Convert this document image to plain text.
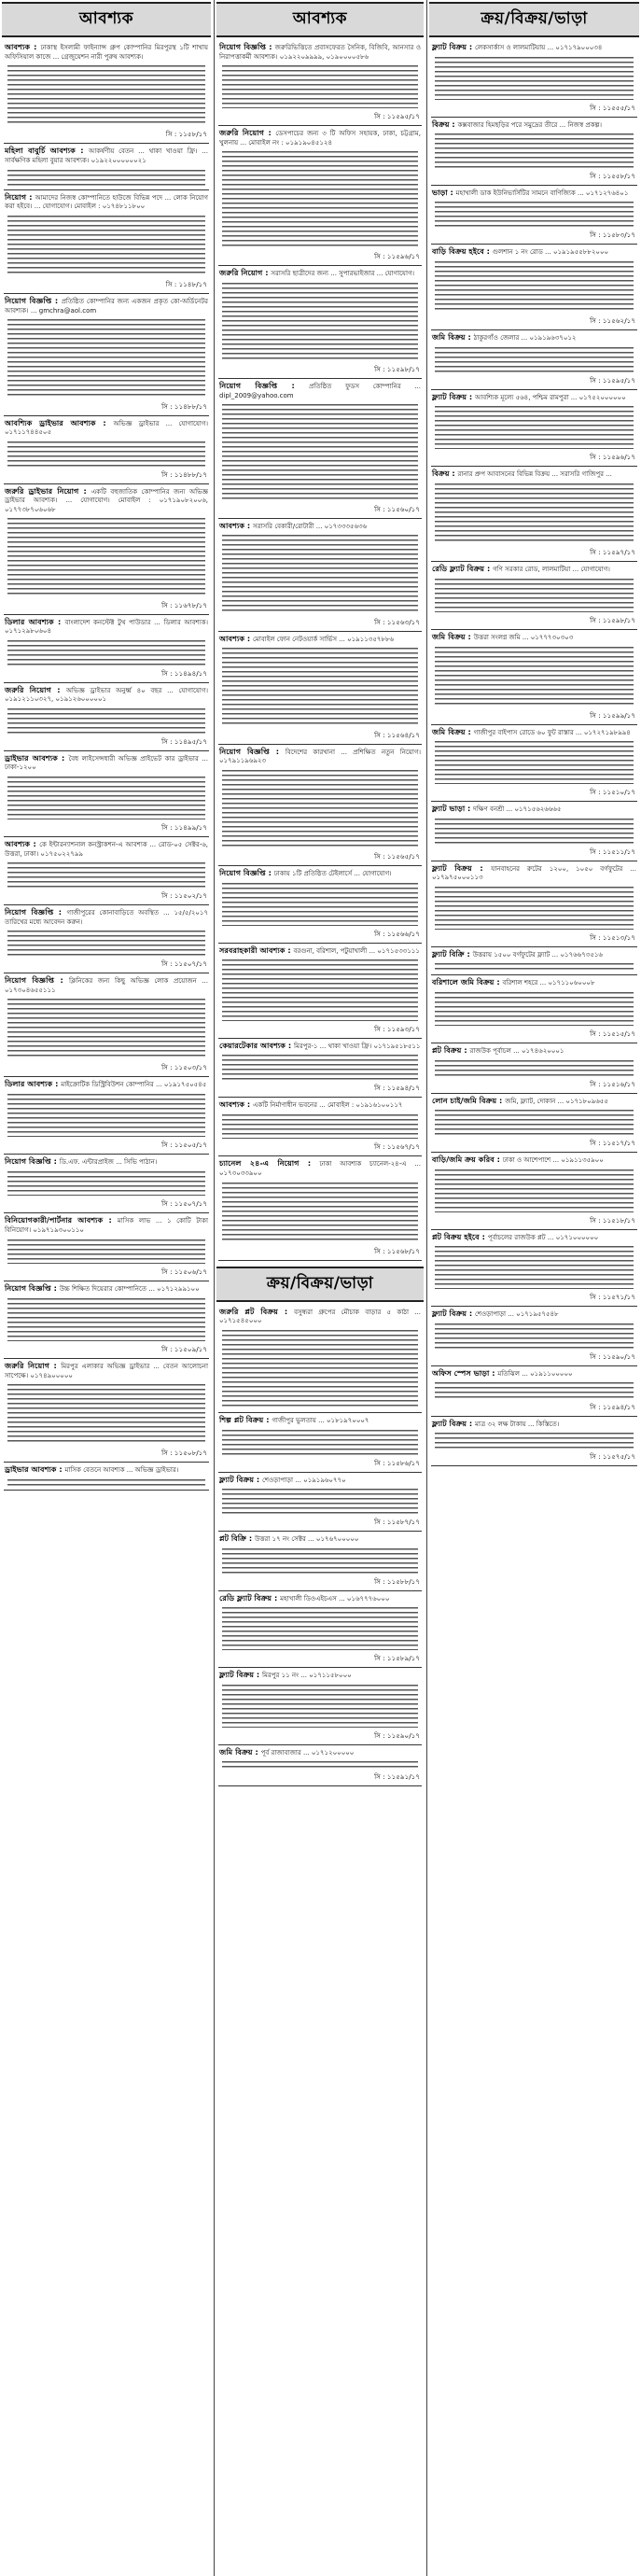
আবশ্যক
আবশ্যক : ঢাকাস্থ ইসলামী ফাইন্যান্স গ্রুপ কোম্পানির মিরপুরস্থ ১টি শাখায় অফিসিয়াল কাজে ... গ্রেজুয়েশন নারী পুরুষ আবশ্যক।
সি : ১১৫৮/১৭
মহিলা বাবুর্চি আবশ্যক : আকর্ষণীয় বেতন ... থাকা খাওয়া ফ্রি। ... সার্বক্ষণিক মহিলা বুয়ার আবশ্যক। ০১৯২২০০০০০০২১
নিয়োগ : আমাদের নিজস্ব কোম্পানিতে হাউজে বিভিন্ন পদে ... লোক নিয়োগ করা হইবে। ... যোগাযোগ। মোবাইল : ০১৭৪৮১১৮০০
সি : ১১৪৮/১৭
নিয়োগ বিজ্ঞপ্তি : প্রতিষ্ঠিত কোম্পানির জন্য একজন প্রকৃত কো-অর্ডিনেটর আবশ্যক। ... gmchra@aol.com
সি : ১১৪৮৮/১৭
আবশ্যিক ড্রাইভার আবশ্যক : অভিজ্ঞ ড্রাইভার ... যোগাযোগ। ০১৭১১৭৪৪৫০৫
সি : ১১৪৮৮/১৭
জরুরি ড্রাইভার নিয়োগ : একটি বহুজাতিক কোম্পানির জন্য অভিজ্ঞ ড্রাইভার আবশ্যক। ... যোগাযোগ। মোবাইল : ০১৭১৯০৮২০০৬, ০১৭৭৩৮৭০৬০৬৮
সি : ১১৬৭৮/১৭
ডিলার আবশ্যক : বাংলাদেশ কনস্টেক্ট টুথ পাউডার ... ডিলার আবশ্যক। ০১৭১২৯৮০৬০৪
সি : ১১৪৯৪/১৭
জরুরি নিয়োগ : অভিজ্ঞ ড্রাইভার অনুর্ধ্ব ৪০ বছর ... যোগাযোগ। ০১৯১২১১০৩২৭, ০১৯১২৬০০০০০১
সি : ১১৪৯৫/১৭
ড্রাইভার আবশ্যক : বৈধ লাইসেন্সধারী অভিজ্ঞ প্রাইভেট কার ড্রাইভার ... ঢাকা-১২০০
সি : ১১৪৯৯/১৭
আবশ্যক : কে ইন্টারন্যাশনাল কনস্ট্রাকশন-এ আবশ্যক ... রোড-০৫ সেক্টর-৬, উত্তরা, ঢাকা। ০১৭৫০২২৭৯৯
সি : ১১৫০২/১৭
নিয়োগ বিজ্ঞপ্তি : গাজীপুরের কোনাবাড়িতে অবস্থিত ... ১৫/৫/২০১৭ তারিখের মধ্যে আবেদন করুন।
সি : ১১৫০৭/১৭
নিয়োগ বিজ্ঞপ্তি : ক্লিনিকের জন্য কিছু অভিজ্ঞ লোক প্রয়োজন ... ০১৭৩০৪৬৫৫১১১
সি : ১১৫০৩/১৭
ডিলার আবশ্যক : মাইক্রোটিক ডিস্ট্রিবিউশন কোম্পানির ... ০১৯১৭৫০৫৪৫
সি : ১১৫০৫/১৭
নিয়োগ বিজ্ঞপ্তি : ডি.এফ. এন্টারপ্রাইজ ... সিভি পাঠান।
সি : ১১৫০৭/১৭
বিনিয়োগকারী/পার্টনার আবশ্যক : মাসিক লাভ ... ১ কোটি টাকা বিনিয়োগ। ০১৯৭১৯৩০০১১০
সি : ১১৫০৬/১৭
নিয়োগ বিজ্ঞপ্তি : উচ্চ শিক্ষিত দিয়েরার কোম্পানিতে ... ০১৭১২৯৯১০০
সি : ১১৫০৯/১৭
জরুরি নিয়োগ : মিরপুর এলাকার অভিজ্ঞ ড্রাইভার ... বেতন আলোচনা সাপেক্ষে। ০১৭৪৯০০০০০
সি : ১১৫০৮/১৭
ড্রাইভার আবশ্যক : মাসিক বেতনে আবশ্যক ... অভিজ্ঞ ড্রাইভার।
আবশ্যক
নিয়োগ বিজ্ঞপ্তি : জরুরিভিত্তিতে প্রবাসফেরত সৈনিক, বিজিবি, আনসার ও নিরাপত্তাকর্মী আবশ্যক। ০১৯২২০৯৯৯৯, ০১৯০০০০৫৮৬
সি : ১১৫৯৫/১৭
জরুরি নিয়োগ : ডেসপাচের জন্য ৩ টি অফিস সহায়ক, ঢাকা, চট্টগ্রাম, খুলনায় ... মোবাইল নং : ০১৯১৯০৪৫১২৪
সি : ১১৫৯৬/১৭
জরুরি নিয়োগ : সরাসরি ছাত্রীদের জন্য ... সুপারভাইজার ... যোগাযোগ।
সি : ১১৫৯৮/১৭
নিয়োগ বিজ্ঞপ্তি : প্রতিষ্ঠিত ফুডস কোম্পানির ... dipl_2009@yahoo.com
সি : ১১৫৬০/১৭
আবশ্যক : সরাসরি বেকারী/রোটারী ... ০১৭৩৩৩৫৬৩৬
সি : ১১৫৬৩/১৭
আবশ্যক : মোবাইল ফোন নেটওয়ার্ক সার্ভিস ... ০১৯১১৩৫৭৮৮৬
সি : ১১৫৬৪/১৭
নিয়োগ বিজ্ঞপ্তি : বিদেশের কারখানা ... প্রশিক্ষিত নতুন নিয়োগ। ০১৭৯১১৯৬৯২৩
সি : ১১৫৬৫/১৭
নিয়োগ বিজ্ঞপ্তি : ঢাকায় ১টি প্রতিষ্ঠিত টেইলার্সে ... যোগাযোগ।
সি : ১১৫৬৬/১৭
সরবরাহকারী আবশ্যক : বরগুনা, বরিশাল, পটুয়াখালী ... ০১৭১৫৩৩১১১
সি : ১১৫৯৩/১৭
কেয়ারটেকার আবশ্যক : মিরপুর-১ ... থাকা খাওয়া ফ্রি। ০১৭১৯৫১৮৫১১
সি : ১১৫৯৪/১৭
আবশ্যক : একটি নির্মাণাধীন ভবনের ... মোবাইল : ০১৯১৬১০০১১৭
সি : ১১৫৬৭/১৭
চ্যানেল ২৪-এ নিয়োগ : ঢাকা আবশ্যক চ্যানেল-২৪-এ ... ০১৭৩০৩৩৯০০
সি : ১১৫৬৮/১৭
ক্রয়/বিক্রয়/ভাড়া
জরুরি প্লট বিক্রয় : বসুন্ধরা গ্রুপের মৌচাক বাড়ার ৫ কাঠা ... ০১৭১৫৪৫০০০
শিল্প প্লট বিক্রয় : গাজীপুর ভুলতায় ... ০১৮১৯৭০০০৭
সি : ১১৫৮৬/১৭
ফ্ল্যাট বিক্রয় : শেওড়াপাড়া ... ০১৯১৯৬০৭৭০
সি : ১১৫৮৭/১৭
প্লট বিক্রি : উত্তরা ১৭ নং সেক্টর ... ০১৭৬৭০০০০০
সি : ১১৫৮৮/১৭
রেডি ফ্ল্যাট বিক্রয় : মহাখালী ডিওএইচএস ... ০১৬৭৭৭৬০০০
সি : ১১৫৮৯/১৭
ফ্ল্যাট বিক্রয় : মিরপুর ১১ নং ... ০১৭১১৫৮০০০
সি : ১১৫৯০/১৭
জমি বিক্রয় : পূর্ব রাজাবাজার ... ০১৭১২০০০০০
সি : ১১৫৯১/১৭
ক্রয়/বিক্রয়/ভাড়া
ফ্ল্যাট বিক্রয় : লেকসার্কাস ও লালমাটিয়ায় ... ০১৭১৭৯০০০৩৪
সি : ১১৫৫৫/১৭
বিক্রয় : কক্সবাজার হিমছড়ির পরে সমুদ্রের তীরে ... নিজস্ব প্রকল্প।
সি : ১১৫৫৮/১৭
ভাড়া : মহাখালী ডাক ইউনিভার্সিটির সামনে বাণিজ্যিক ... ০১৭১২৭৬৪০১
সি : ১১৫৮৩/১৭
বাড়ি বিক্রয় হইবে : গুলশান ১ নং রোড ... ০১৯১৯৫৫৮৮২০০০
সি : ১১৫৬২/১৭
জমি বিক্রয় : ঠাকুরগাঁও জেলার ... ০১৯১৯৬৩৭০১২
সি : ১১৫৯৫/১৭
ফ্ল্যাট বিক্রয় : আবশ্যিক মূল্যে ৫৬৪, পশ্চিম রামপুরা ... ০১৭৫২০০০০০০
সি : ১১৫৯৬/১৭
বিক্রয় : রানার প্রুপ আবাসনের বিভিন্ন বিক্রয় ... সরাসরি গাজিপুর ...
সি : ১১৫৯৭/১৭
রেডি ফ্ল্যাট বিক্রয় : গণি সরকার রোড, লালমাটিয়া ... যোগাযোগ।
সি : ১১৫৯৮/১৭
জমি বিক্রয় : উত্তরা সংলগ্ন জমি ... ০১৭৭৭৩০৩০৩
সি : ১১৫৯৯/১৭
জমি বিক্রয় : গাজীপুর বাইপাস রোডে ৬০ ফুট রাস্তার ... ০১৭২৭১৯৮৯৯৪
সি : ১১৫১০/১৭
ফ্ল্যাট ভাড়া : দক্ষিণ বনশ্রী ... ০১৭১৫৬২৬৬৬৫
সি : ১১৫১১/১৭
ফ্ল্যাট বিক্রয় : যানবাহনের রুটের ১২০০, ১০৫০ বর্গফুটের ... ০১৭৯৭৫০০০১১৩
সি : ১১৫১৩/১৭
ফ্ল্যাট বিক্রি : উত্তরায় ১৫০০ বর্গফুটের ফ্ল্যাট ... ০১৭৬৬৭৩৫১৬
বরিশালে জমি বিক্রয় : বরিশাল শহরে ... ০১৭১১০৬০০০৮
সি : ১১৫১৫/১৭
প্লট বিক্রয় : রাজউক পূর্বাচল ... ০১৭৪৬২০০০১
সি : ১১৫১৬/১৭
লোন চাই/জমি বিক্রয় : জমি, ফ্ল্যাট, দোকান ... ০১৭১৮০৯৬৫৫
সি : ১১৫১৭/১৭
বাড়ি/জমি ক্রয় করিব : ঢাকা ও আশেপাশে ... ০১৯১১৩৫৯০০
সি : ১১৫১৮/১৭
প্লট বিক্রয় হইবে : পূর্বাচলের রাজউক প্লট ... ০১৭১০০০০০০
সি : ১১৫৭১/১৭
ফ্ল্যাট বিক্রয় : শেওড়াপাড়া ... ০১৭১৯৫৭৫৪৮
সি : ১১৫৯০/১৭
অফিস স্পেস ভাড়া : মতিঝিল ... ০১৯১১০০০০০
সি : ১১৫৯৪/১৭
ফ্ল্যাট বিক্রয় : মাত্র ৩২ লক্ষ টাকায় ... কিস্তিতে।
সি : ১১৫৭৫/১৭
